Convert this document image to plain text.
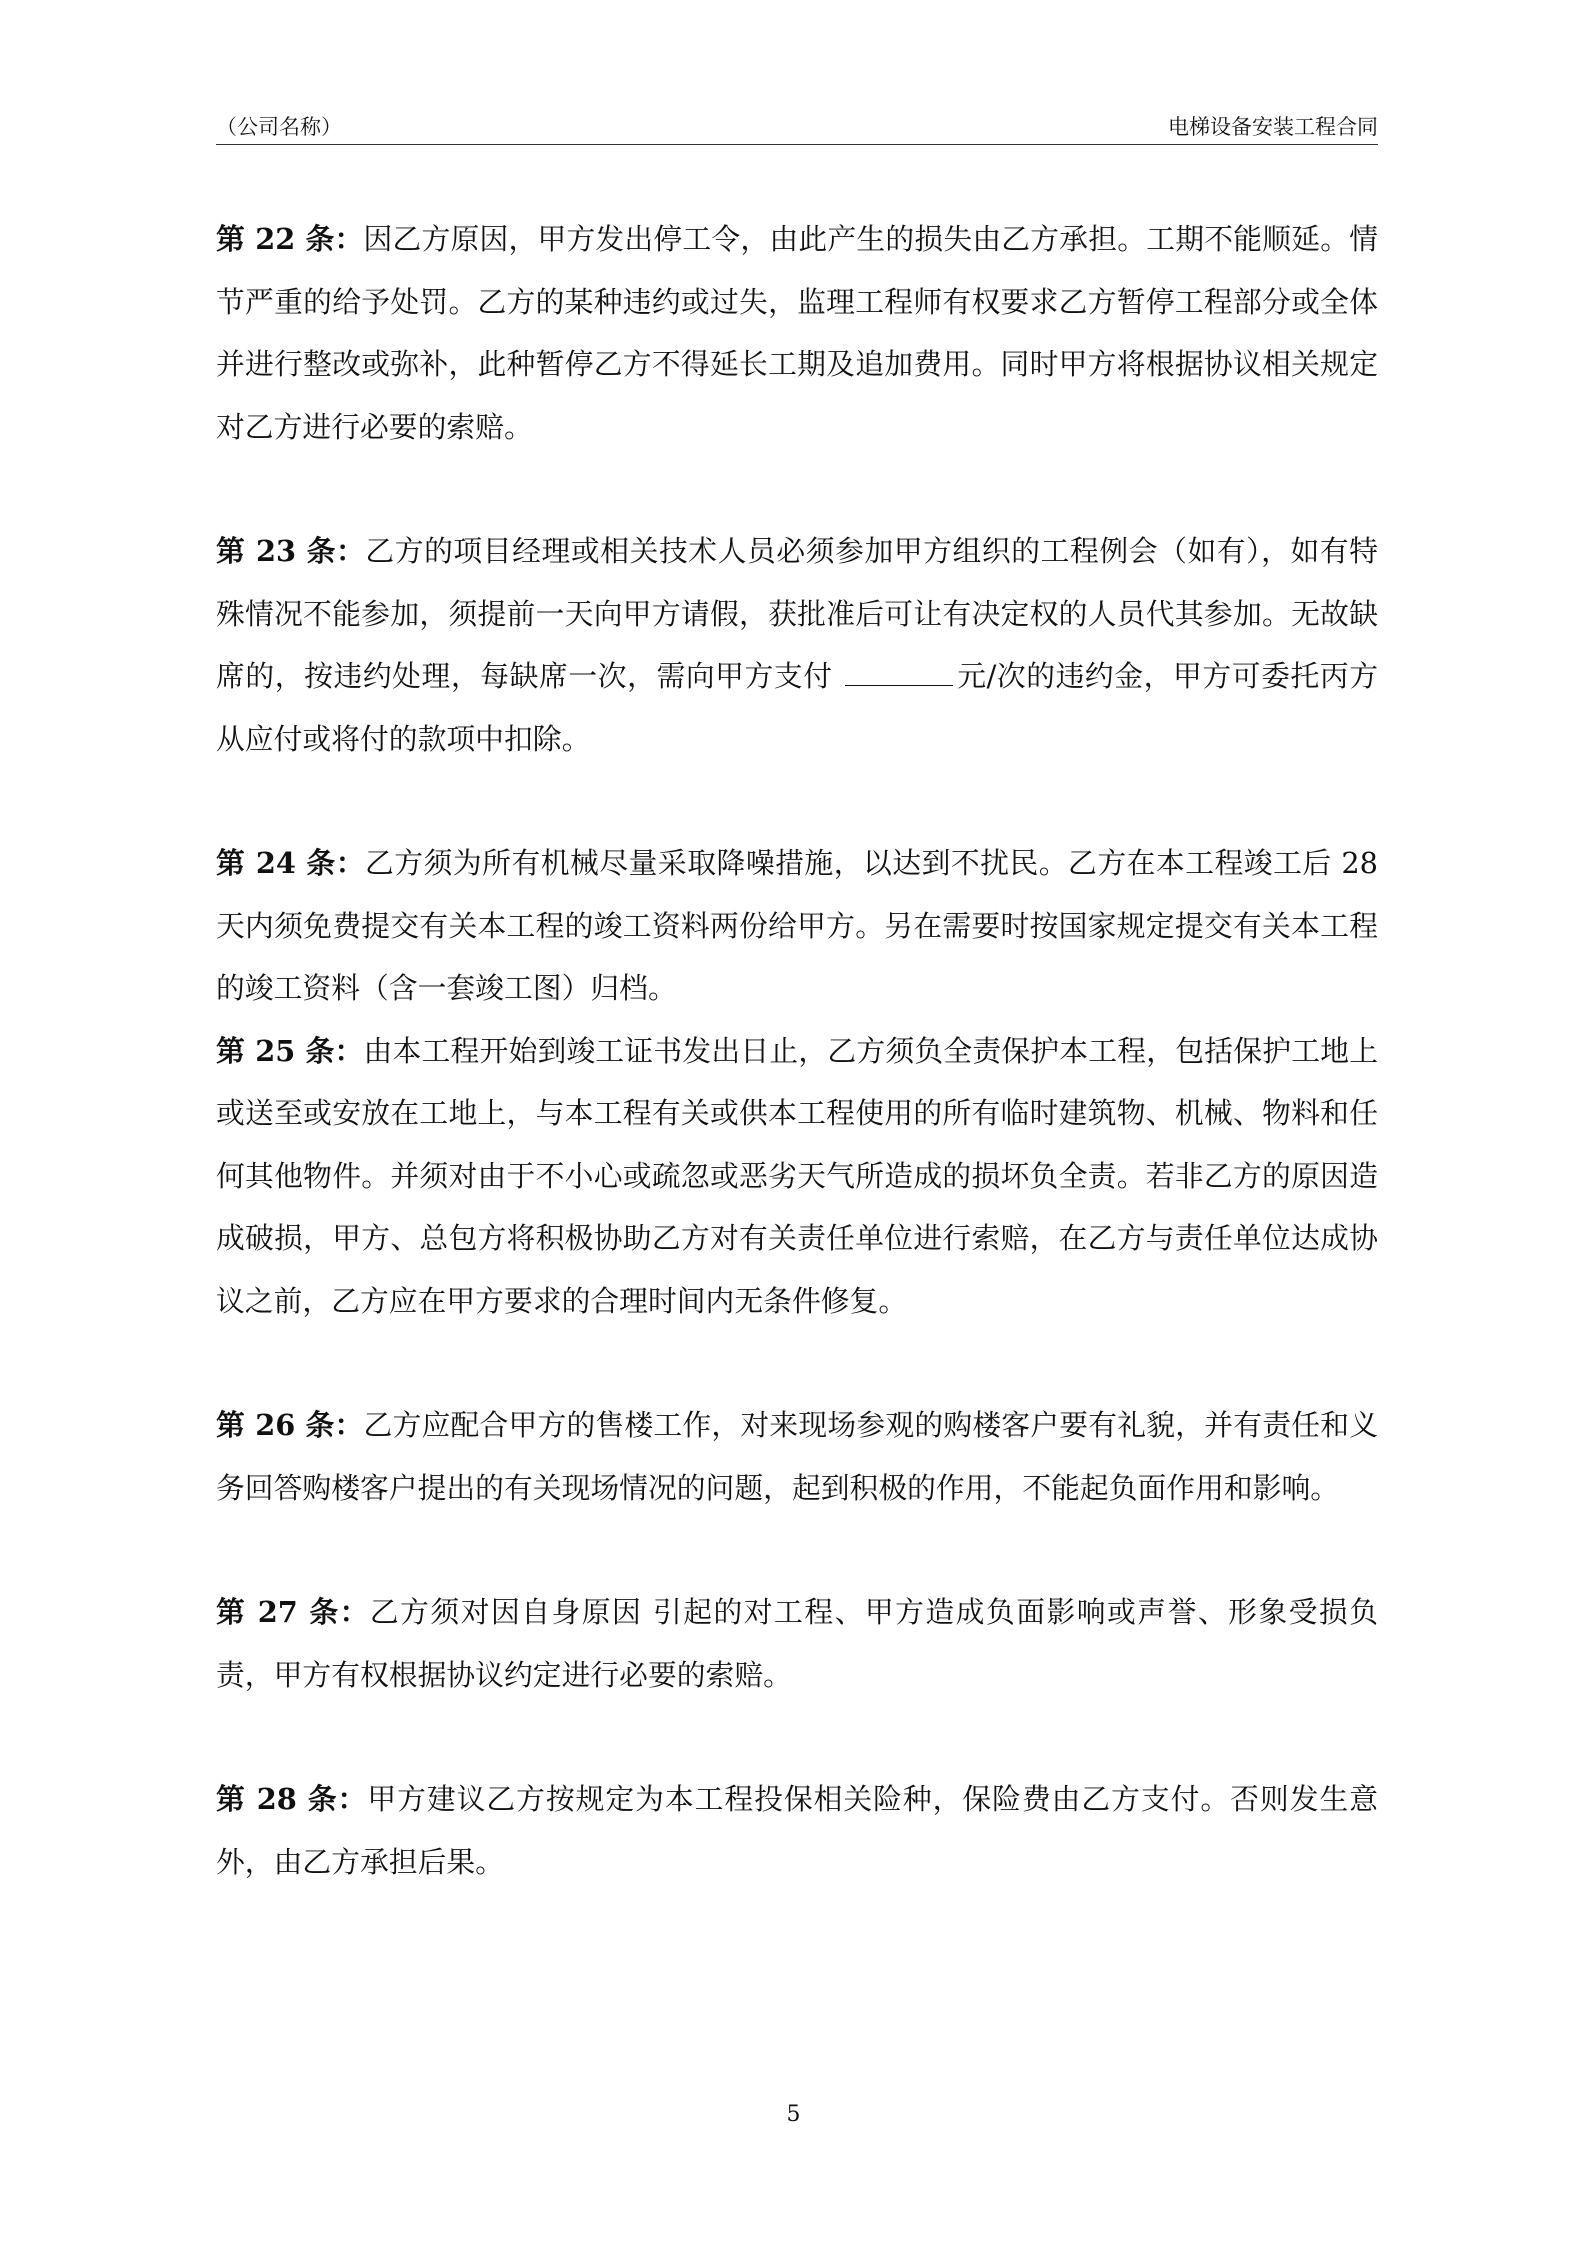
（公司名称）	电梯设备安装工程合同

第 22 条：因乙方原因，甲方发出停工令，由此产生的损失由乙方承担。工期不能顺延。情节严重的给予处罚。乙方的某种违约或过失，监理工程师有权要求乙方暂停工程部分或全体并进行整改或弥补，此种暂停乙方不得延长工期及追加费用。同时甲方将根据协议相关规定对乙方进行必要的索赔。

第 23 条：乙方的项目经理或相关技术人员必须参加甲方组织的工程例会（如有），如有特殊情况不能参加，须提前一天向甲方请假，获批准后可让有决定权的人员代其参加。无故缺席的，按违约处理，每缺席一次，需向甲方支付	元/次的违约金，甲方可委托丙方从应付或将付的款项中扣除。

第 24 条：乙方须为所有机械尽量采取降噪措施，以达到不扰民。乙方在本工程竣工后 28 天内须免费提交有关本工程的竣工资料两份给甲方。另在需要时按国家规定提交有关本工程的竣工资料（含一套竣工图）归档。

第 25 条：由本工程开始到竣工证书发出日止，乙方须负全责保护本工程，包括保护工地上或送至或安放在工地上，与本工程有关或供本工程使用的所有临时建筑物、机械、物料和任何其他物件。并须对由于不小心或疏忽或恶劣天气所造成的损坏负全责。若非乙方的原因造成破损，甲方、总包方将积极协助乙方对有关责任单位进行索赔，在乙方与责任单位达成协议之前，乙方应在甲方要求的合理时间内无条件修复。

第 26 条：乙方应配合甲方的售楼工作，对来现场参观的购楼客户要有礼貌，并有责任和义务回答购楼客户提出的有关现场情况的问题，起到积极的作用，不能起负面作用和影响。

第 27 条：乙方须对因自身原因 引起的对工程、甲方造成负面影响或声誉、形象受损负责，甲方有权根据协议约定进行必要的索赔。

第 28 条：甲方建议乙方按规定为本工程投保相关险种，保险费由乙方支付。否则发生意外，由乙方承担后果。

5
